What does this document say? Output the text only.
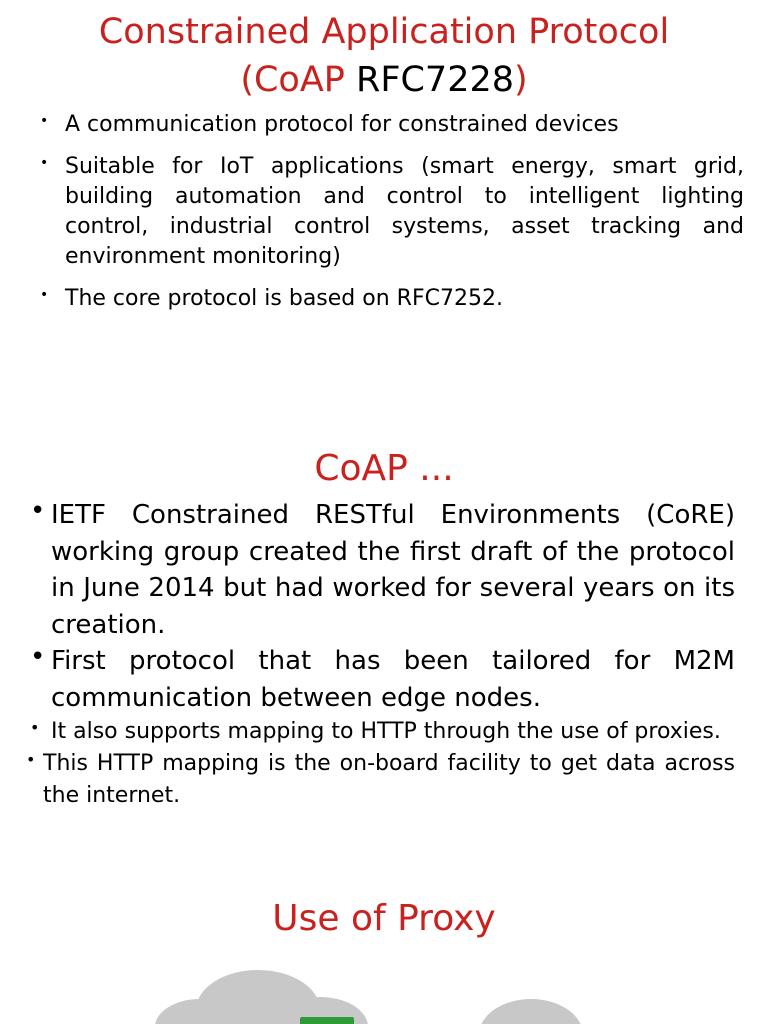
Constrained Application Protocol
(CoAP RFC7228)
• A communication protocol for constrained devices
• Suitable for IoT applications (smart energy, smart grid, building automation and control to intelligent lighting control, industrial control systems, asset tracking and environment monitoring)
• The core protocol is based on RFC7252.
CoAP ...
• IETF Constrained RESTful Environments (CoRE) working group created the first draft of the protocol in June 2014 but had worked for several years on its creation.
• First protocol that has been tailored for M2M communication between edge nodes.
• It also supports mapping to HTTP through the use of proxies.
• This HTTP mapping is the on-board facility to get data across the internet.
Use of Proxy
